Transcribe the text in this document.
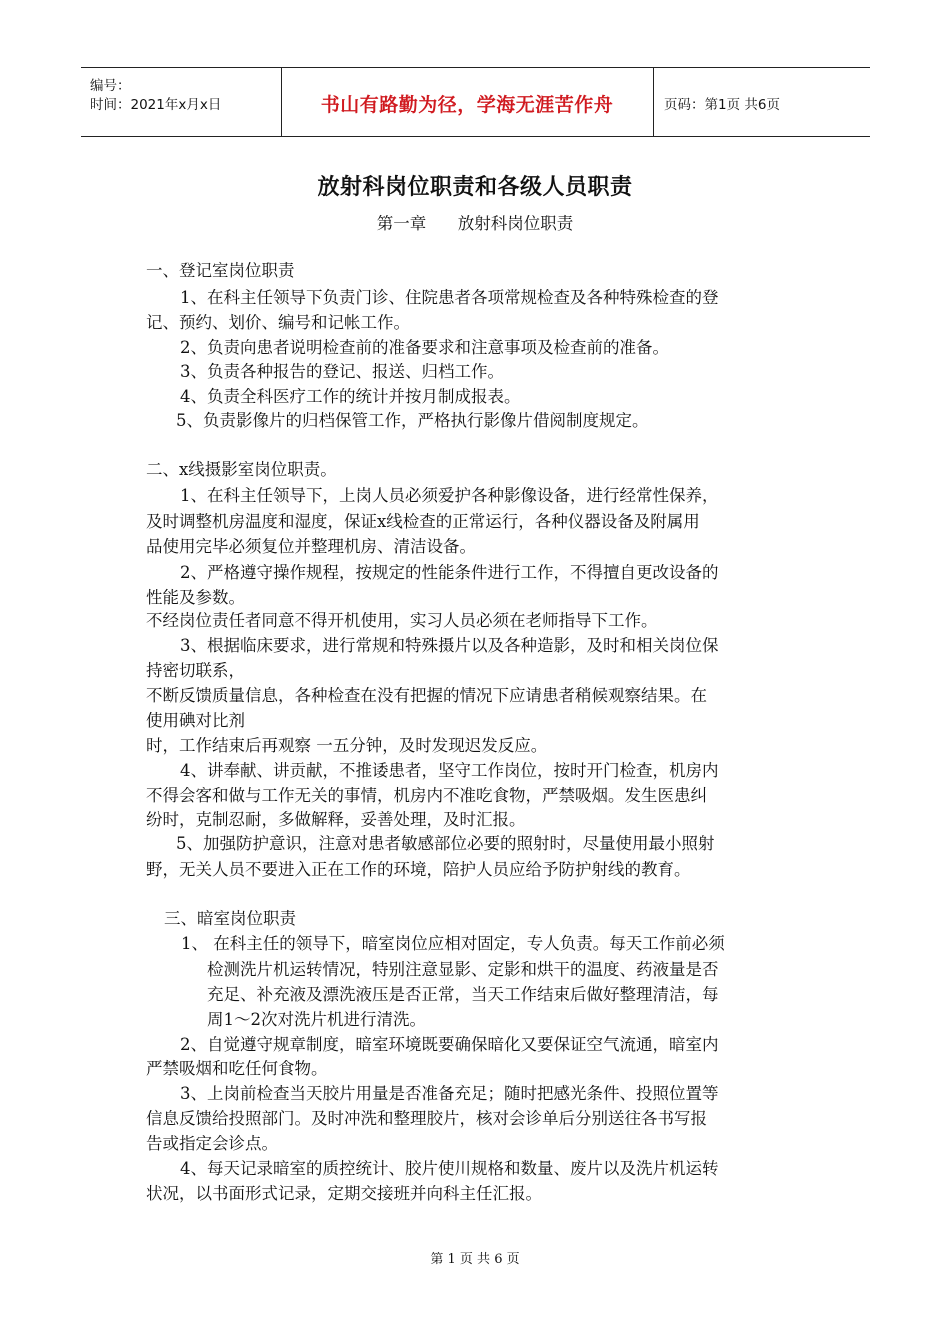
编号：
时间：2021年x月x日	书山有路勤为径，学海无涯苦作舟	页码：第1页 共6页
放射科岗位职责和各级人员职责
第一章      放射科岗位职责
一、登记室岗位职责
1、在科主任领导下负责门诊、住院患者各项常规检查及各种特殊检查的登
记、预约、划价、编号和记帐工作。
2、负责向患者说明检查前的准备要求和注意事项及检查前的准备。
3、负责各种报告的登记、报送、归档工作。
4、负责全科医疗工作的统计并按月制成报表。
5、负责影像片的归档保管工作，严格执行影像片借阅制度规定。
二、x线摄影室岗位职责。
1、在科主任领导下，上岗人员必须爱护各种影像设备，进行经常性保养，
及时调整机房温度和湿度，保证x线检查的正常运行，各种仪器设备及附属用
品使用完毕必须复位并整理机房、清洁设备。
2、严格遵守操作规程，按规定的性能条件进行工作，不得擅自更改设备的
性能及参数。
不经岗位责任者同意不得开机使用，实习人员必须在老师指导下工作。
3、根据临床要求，进行常规和特殊摄片以及各种造影，及时和相关岗位保
持密切联系，
不断反馈质量信息，各种检查在没有把握的情况下应请患者稍候观察结果。在
使用碘对比剂
时，工作结束后再观察 一五分钟，及时发现迟发反应。
4、讲奉献、讲贡献，不推诿患者，坚守工作岗位，按时开门检查，机房内
不得会客和做与工作无关的事情，机房内不准吃食物，严禁吸烟。发生医患纠
纷时，克制忍耐，多做解释，妥善处理，及时汇报。
5、加强防护意识，注意对患者敏感部位必要的照射时，尽量使用最小照射
野，无关人员不要进入正在工作的环境，陪护人员应给予防护射线的教育。
三、暗室岗位职责
1、 在科主任的领导下，暗室岗位应相对固定，专人负责。每天工作前必须
检测洗片机运转情况，特别注意显影、定影和烘干的温度、药液量是否
充足、补充液及漂洗液压是否正常，当天工作结束后做好整理清洁，每
周1～2次对洗片机进行清洗。
2、自觉遵守规章制度，暗室环境既要确保暗化又要保证空气流通，暗室内
严禁吸烟和吃任何食物。
3、上岗前检查当天胶片用量是否准备充足；随时把感光条件、投照位置等
信息反馈给投照部门。及时冲洗和整理胶片，核对会诊单后分别送往各书写报
告或指定会诊点。
4、每天记录暗室的质控统计、胶片使川规格和数量、废片以及洗片机运转
状况，以书面形式记录，定期交接班并向科主任汇报。
第 1 页 共 6 页
